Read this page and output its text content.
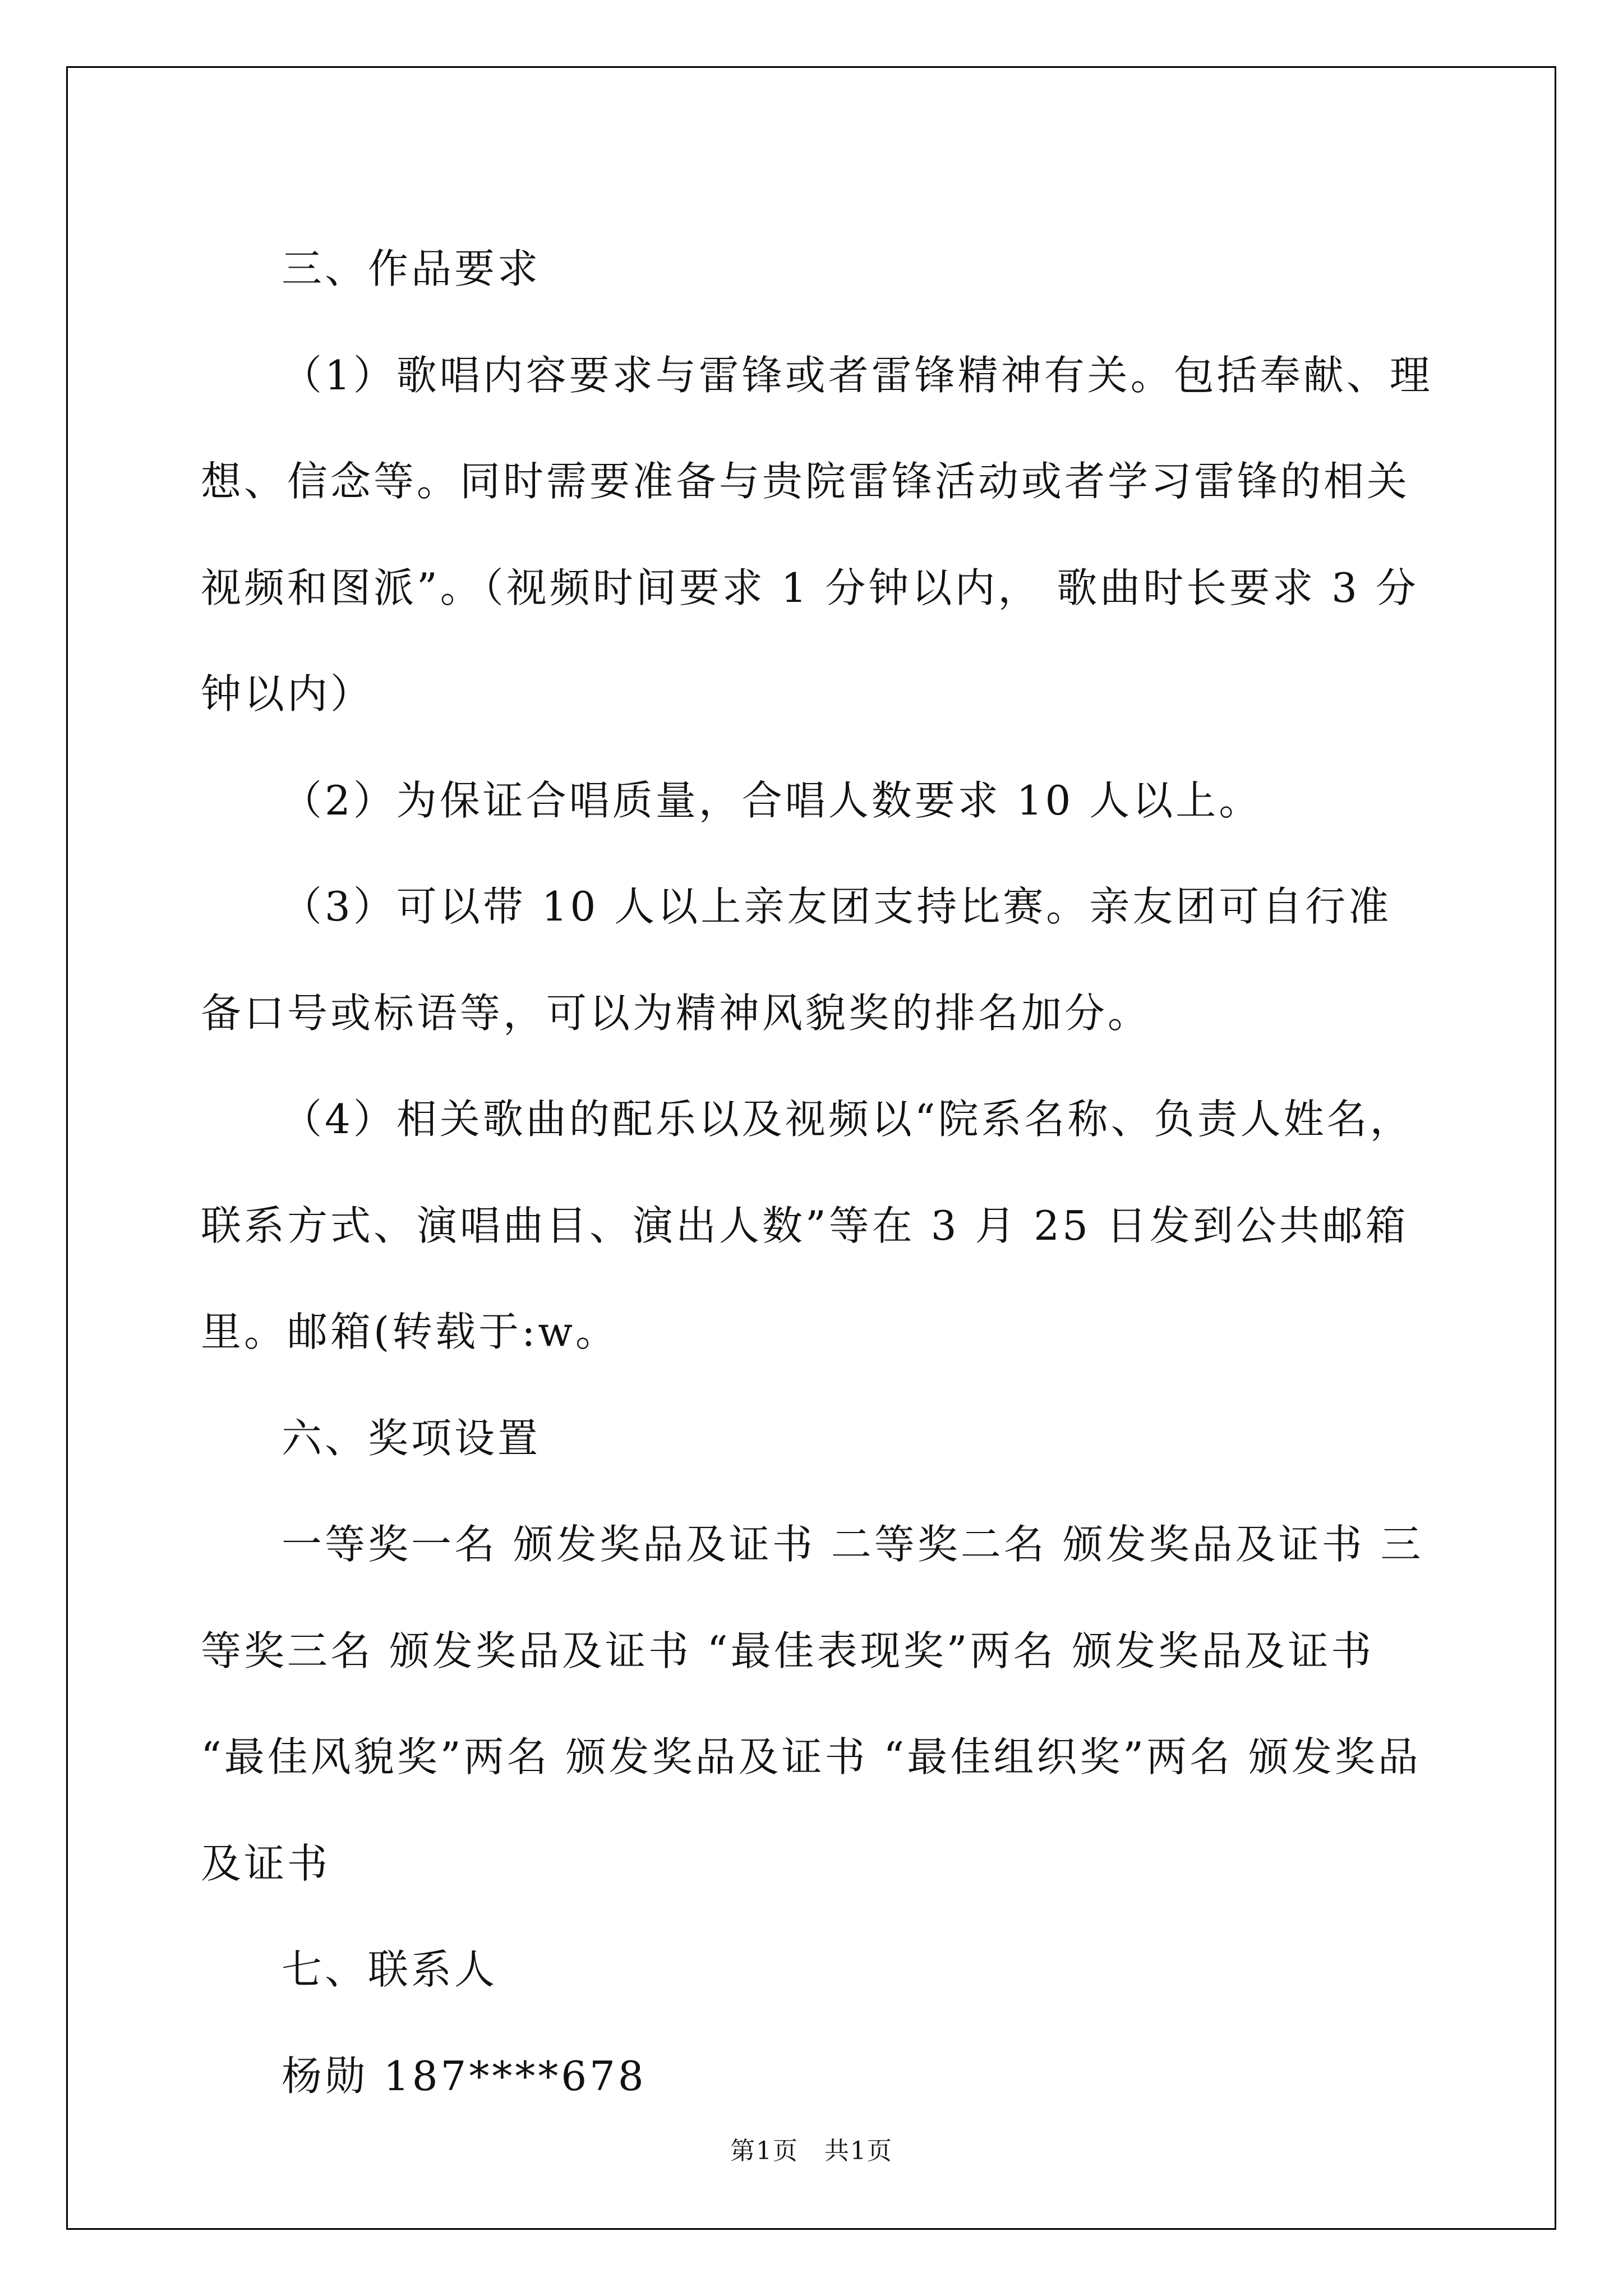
三、作品要求

（1）歌唱内容要求与雷锋或者雷锋精神有关。包括奉献、理想、信念等。同时需要准备与贵院雷锋活动或者学习雷锋的相关视频和图派”。（视频时间要求 1 分钟以内， 歌曲时长要求 3 分钟以内）

（2）为保证合唱质量，合唱人数要求 10 人以上。

（3）可以带 10 人以上亲友团支持比赛。亲友团可自行准备口号或标语等，可以为精神风貌奖的排名加分。

（4）相关歌曲的配乐以及视频以“院系名称、负责人姓名，联系方式、演唱曲目、演出人数”等在 3 月 25 日发到公共邮箱里。邮箱(转载于:w。

六、奖项设置

一等奖一名 颁发奖品及证书 二等奖二名 颁发奖品及证书 三等奖三名 颁发奖品及证书 “最佳表现奖”两名 颁发奖品及证书 “最佳风貌奖”两名 颁发奖品及证书 “最佳组织奖”两名 颁发奖品及证书

七、联系人

杨勋 187****678

第1页　共1页
